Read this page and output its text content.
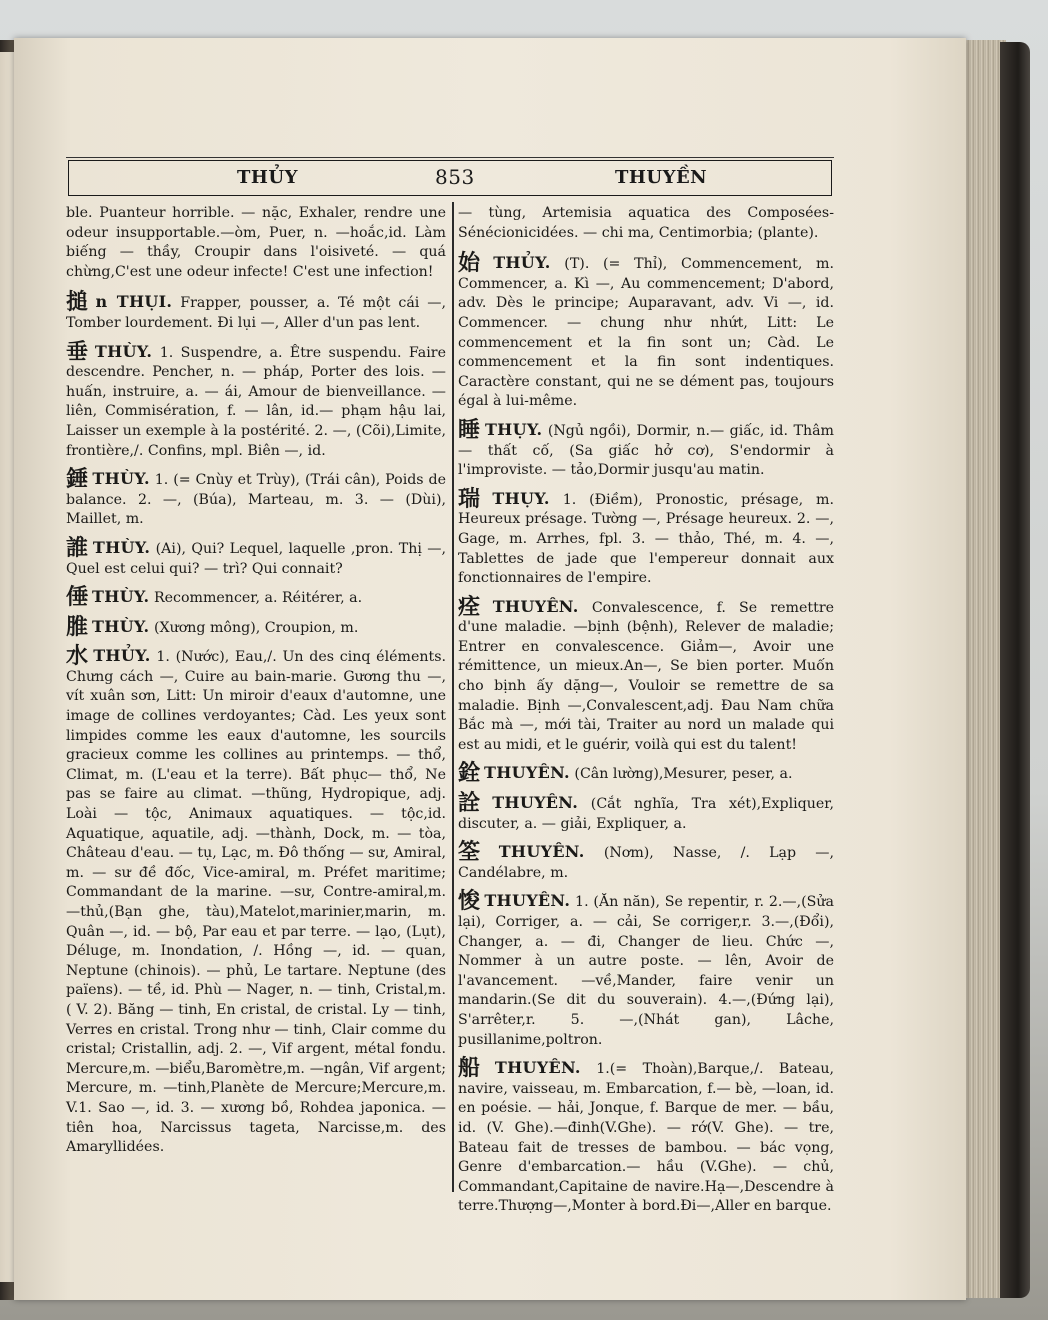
THỦY	853	THUYỀN

ble. Puanteur horrible. — nặc, Exhaler, rendre une odeur insupportable.—òm, Puer, n. —hoắc,id. Làm biếng — thầy, Croupir dans l'oisiveté. — quá chừng,C'est une odeur infecte! C'est une infection!

搥 n THỤI. Frapper, pousser, a. Té một cái —, Tomber lourdement. Đi lụi —, Aller d'un pas lent.

垂 THÙY. 1. Suspendre, a. Être suspendu. Faire descendre. Pencher, n. — pháp, Porter des lois. — huấn, instruire, a. — ái, Amour de bienveillance. — liên, Commisération, f. — lân, id.— phạm hậu lai, Laisser un exemple à la postérité. 2. —, (Cõi),Limite, frontière,/. Confins, mpl. Biên —, id.

錘 THÙY. 1. (= Cnùy et Trùy), (Trái cân), Poids de balance. 2. —, (Búa), Marteau, m. 3. — (Dùi), Maillet, m.

誰 THÙY. (Ai), Qui? Lequel, laquelle ,pron. Thị —, Quel est celui qui? — trì? Qui connait?

倕 THÙY. Recommencer, a. Réitérer, a.

脽 THÙY. (Xương mông), Croupion, m.

水 THỦY. 1. (Nước), Eau,/. Un des cinq éléments. Chưng cách —, Cuire au bain-marie. Gương thu —, vít xuân sơn, Litt: Un miroir d'eaux d'automne, une image de collines verdoyantes; Càd. Les yeux sont limpides comme les eaux d'automne, les sourcils gracieux comme les collines au printemps. — thổ, Climat, m. (L'eau et la terre). Bất phục— thổ, Ne pas se faire au climat. —thũng, Hydropique, adj. Loài — tộc, Animaux aquatiques. — tộc,id. Aquatique, aquatile, adj. —thành, Dock, m. — tòa, Château d'eau. — tụ, Lạc, m. Đô thống — sư, Amiral, m. — sư đề đốc, Vice-amiral, m. Préfet maritime; Commandant de la marine. —sư, Contre-amiral,m. —thủ,(Bạn ghe, tàu),Matelot,marinier,marin, m. Quân —, id. — bộ, Par eau et par terre. — lạo, (Lụt), Déluge, m. Inondation, /. Hồng —, id. — quan, Neptune (chinois). — phủ, Le tartare. Neptune (des païens). — tề, id. Phù — Nager, n. — tinh, Cristal,m.( V. 2). Băng — tinh, En cristal, de cristal. Ly — tinh, Verres en cristal. Trong như — tinh, Clair comme du cristal; Cristallin, adj. 2. —, Vif argent, métal fondu. Mercure,m. —biểu,Baromètre,m. —ngân, Vif argent; Mercure, m. —tinh,Planète de Mercure;Mercure,m. V.1. Sao —, id. 3. — xương bồ, Rohdea japonica. — tiên hoa, Narcissus tageta, Narcisse,m. des Amaryllidées.

— tùng, Artemisia aquatica des Composées-Sénécionicidées. — chi ma, Centimorbia; (plante).

始 THỦY. (T). (= Thỉ), Commencement, m. Commencer, a. Kì —, Au commencement; D'abord, adv. Dès le principe; Auparavant, adv. Vi —, id. Commencer. — chung như nhứt, Litt: Le commencement et la fin sont un; Càd. Le commencement et la fin sont indentiques. Caractère constant, qui ne se dément pas, toujours égal à lui-même.

睡 THỤY. (Ngủ ngồi), Dormir, n.— giấc, id. Thâm — thất cố, (Sa giấc hở cơ), S'endormir à l'improviste. — tảo,Dormir jusqu'au matin.

瑞 THỤY. 1. (Điềm), Pronostic, présage, m. Heureux présage. Tường —, Présage heureux. 2. —, Gage, m. Arrhes, fpl. 3. — thảo, Thé, m. 4. —, Tablettes de jade que l'empereur donnait aux fonctionnaires de l'empire.

痊 THUYÊN. Convalescence, f. Se remettre d'une maladie. —bịnh (bệnh), Relever de maladie; Entrer en convalescence. Giảm—, Avoir une rémittence, un mieux.An—, Se bien porter. Muốn cho bịnh ấy dặng—, Vouloir se remettre de sa maladie. Bịnh —,Convalescent,adj. Đau Nam chữa Bắc mà —, mới tài, Traiter au nord un malade qui est au midi, et le guérir, voilà qui est du talent!

銓 THUYÊN. (Cân lường),Mesurer, peser, a.

詮 THUYÊN. (Cắt nghĩa, Tra xét),Expliquer, discuter, a. — giải, Expliquer, a.

筌 THUYÊN. (Nơm), Nasse, /. Lạp —, Candélabre, m.

悛 THUYÊN. 1. (Ăn năn), Se repentir, r. 2.—,(Sửa lại), Corriger, a. — cải, Se corriger,r. 3.—,(Đổi), Changer, a. — đi, Changer de lieu. Chức —, Nommer à un autre poste. — lên, Avoir de l'avancement. —về,Mander, faire venir un mandarin.(Se dit du souverain). 4.—,(Đứng lại), S'arrêter,r. 5. —,(Nhát gan), Lâche, pusillanime,poltron.

船 THUYÊN. 1.(= Thoàn),Barque,/. Bateau, navire, vaisseau, m. Embarcation, f.— bè, —loan, id. en poésie. — hải, Jonque, f. Barque de mer. — bầu, id. (V. Ghe).—đinh(V.Ghe). — rớ(V. Ghe). — tre, Bateau fait de tresses de bambou. — bác vọng, Genre d'embarcation.— hầu (V.Ghe). — chủ, Commandant,Capitaine de navire.Hạ—,Descendre à terre.Thượng—,Monter à bord.Đi—,Aller en barque.
